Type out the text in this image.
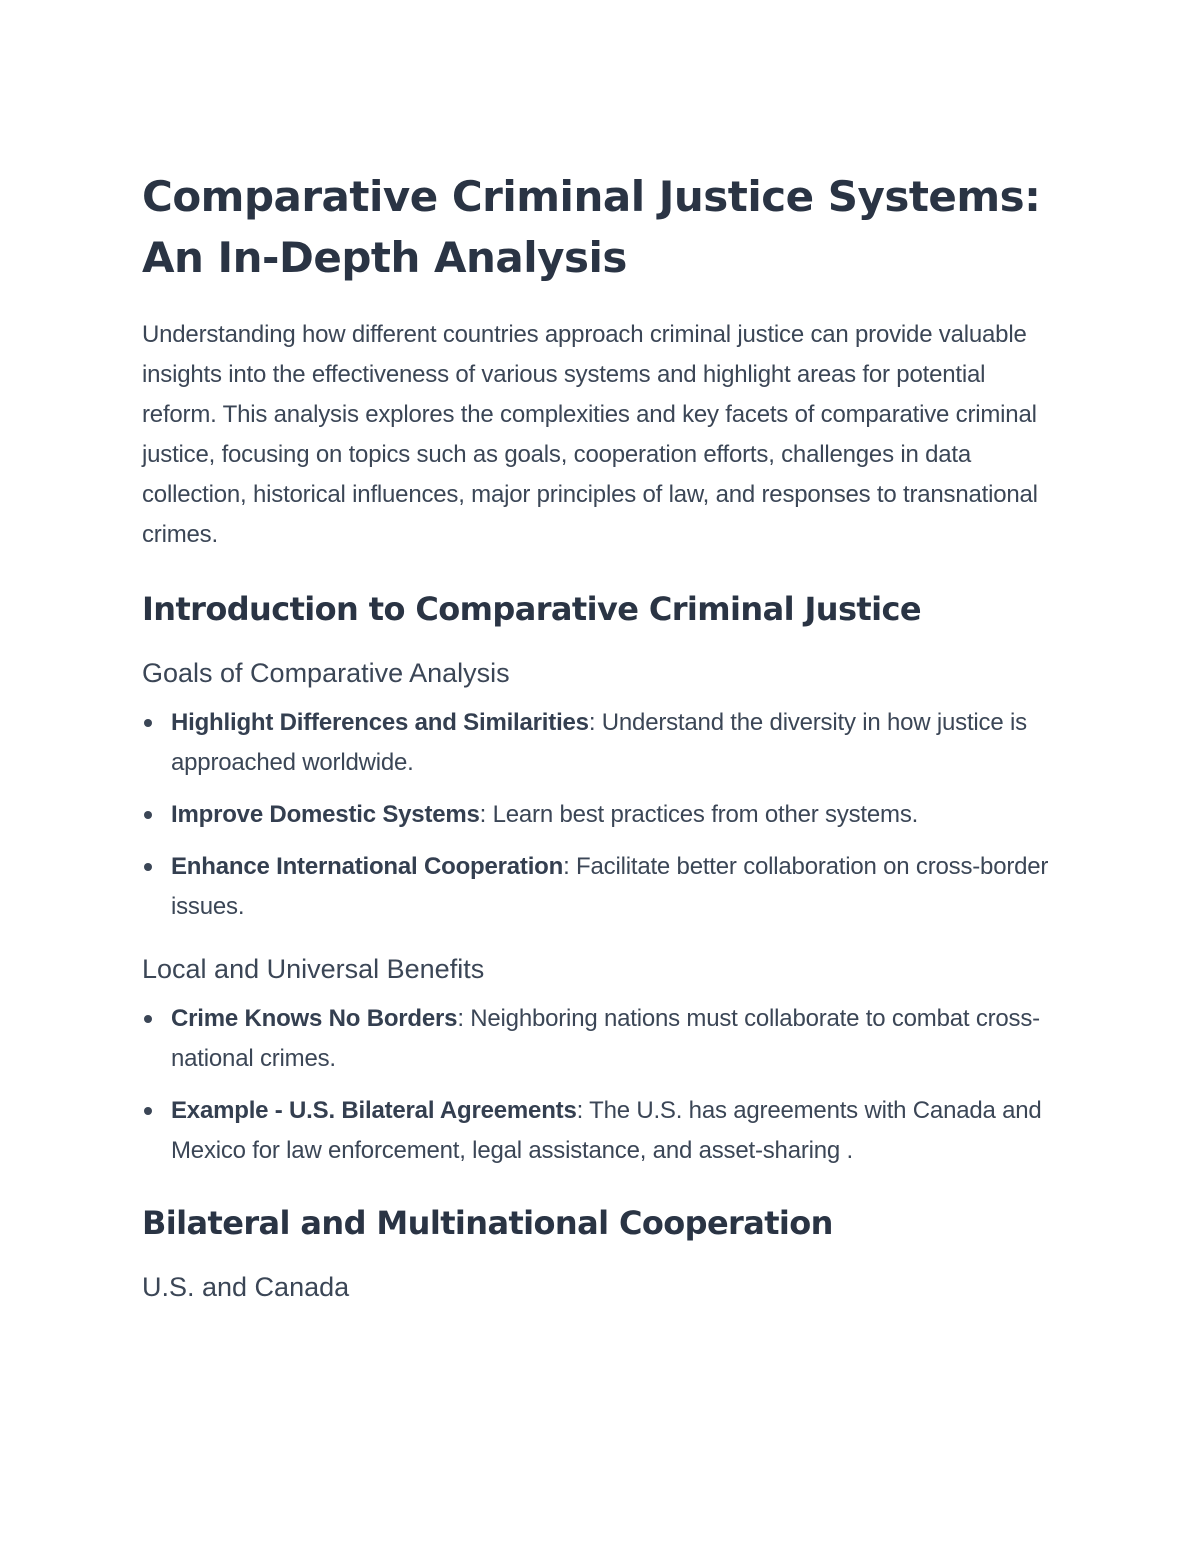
Comparative Criminal Justice Systems: An In-Depth Analysis

Understanding how different countries approach criminal justice can provide valuable insights into the effectiveness of various systems and highlight areas for potential reform. This analysis explores the complexities and key facets of comparative criminal justice, focusing on topics such as goals, cooperation efforts, challenges in data collection, historical influences, major principles of law, and responses to transnational crimes.

Introduction to Comparative Criminal Justice
Goals of Comparative Analysis
Highlight Differences and Similarities: Understand the diversity in how justice is approached worldwide.
Improve Domestic Systems: Learn best practices from other systems.
Enhance International Cooperation: Facilitate better collaboration on cross-border issues.
Local and Universal Benefits
Crime Knows No Borders: Neighboring nations must collaborate to combat cross-national crimes.
Example - U.S. Bilateral Agreements: The U.S. has agreements with Canada and Mexico for law enforcement, legal assistance, and asset-sharing .
Bilateral and Multinational Cooperation
U.S. and Canada
